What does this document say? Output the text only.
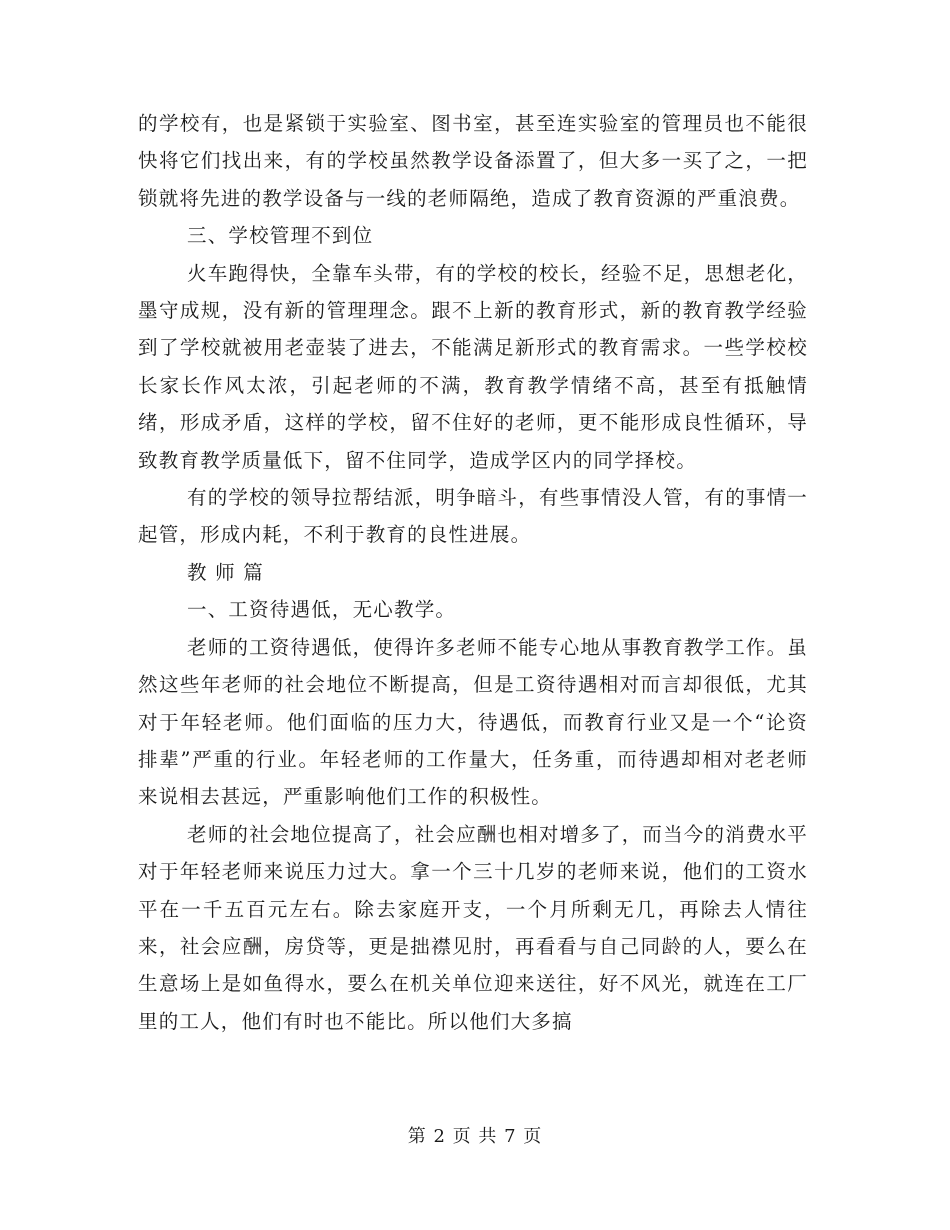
的学校有，也是紧锁于实验室、图书室，甚至连实验室的管理员也不能很快将它们找出来，有的学校虽然教学设备添置了，但大多一买了之，一把锁就将先进的教学设备与一线的老师隔绝，造成了教育资源的严重浪费。

三、学校管理不到位

火车跑得快，全靠车头带，有的学校的校长，经验不足，思想老化，墨守成规，没有新的管理理念。跟不上新的教育形式，新的教育教学经验到了学校就被用老壶装了进去，不能满足新形式的教育需求。一些学校校长家长作风太浓，引起老师的不满，教育教学情绪不高，甚至有抵触情绪，形成矛盾，这样的学校，留不住好的老师，更不能形成良性循环，导致教育教学质量低下，留不住同学，造成学区内的同学择校。

有的学校的领导拉帮结派，明争暗斗，有些事情没人管，有的事情一起管，形成内耗，不利于教育的良性进展。

教 师 篇

一、工资待遇低，无心教学。

老师的工资待遇低，使得许多老师不能专心地从事教育教学工作。虽然这些年老师的社会地位不断提高，但是工资待遇相对而言却很低，尤其对于年轻老师。他们面临的压力大，待遇低，而教育行业又是一个“论资排辈”严重的行业。年轻老师的工作量大，任务重，而待遇却相对老老师来说相去甚远，严重影响他们工作的积极性。

老师的社会地位提高了，社会应酬也相对增多了，而当今的消费水平对于年轻老师来说压力过大。拿一个三十几岁的老师来说，他们的工资水平在一千五百元左右。除去家庭开支，一个月所剩无几，再除去人情往来，社会应酬，房贷等，更是拙襟见肘，再看看与自己同龄的人，要么在生意场上是如鱼得水，要么在机关单位迎来送往，好不风光，就连在工厂里的工人，他们有时也不能比。所以他们大多搞

第 2 页 共 7 页
